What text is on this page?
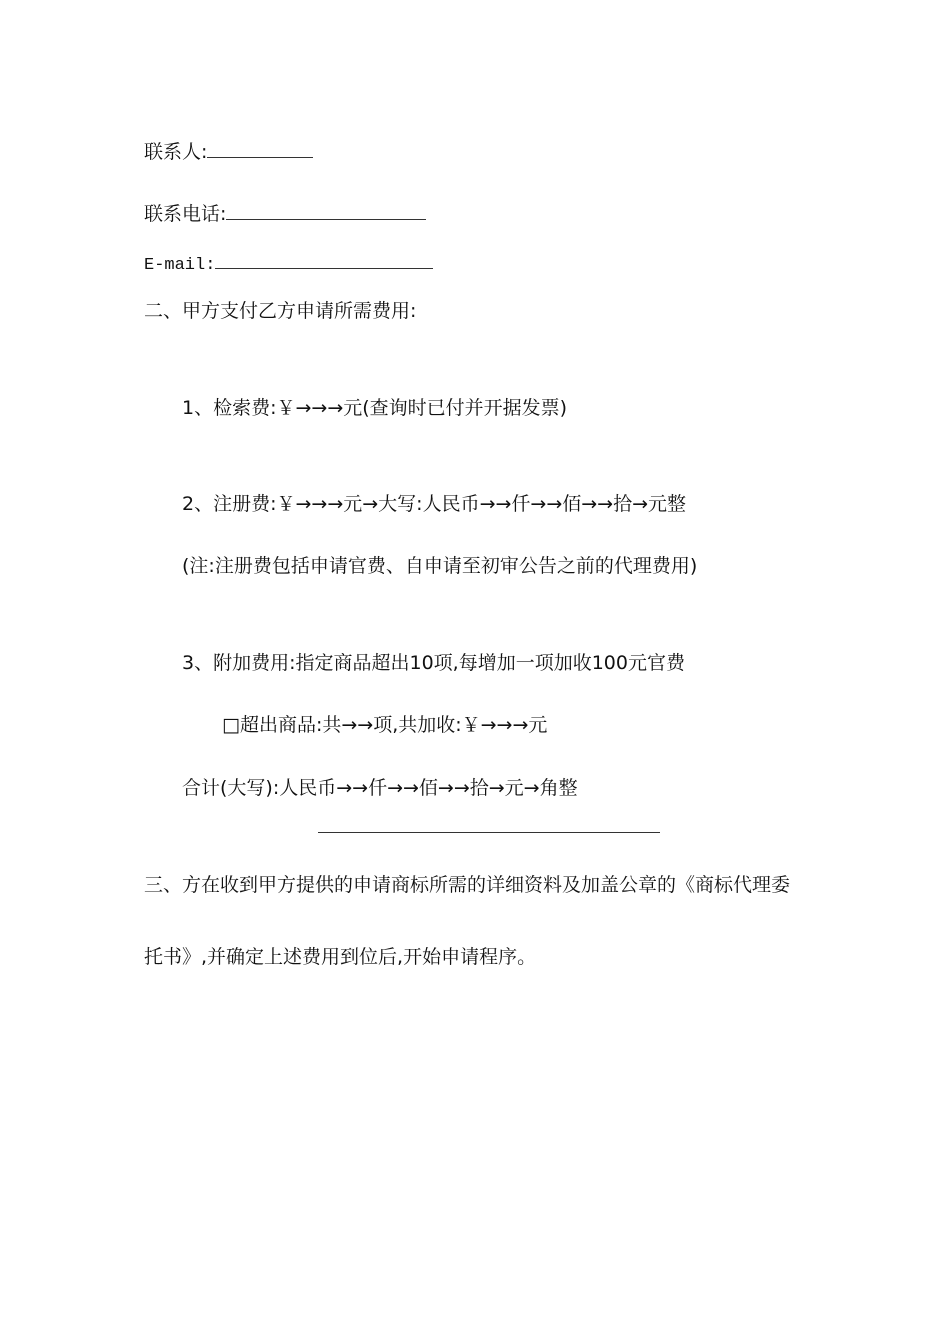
联系人:
联系电话:
E-mail:
二、甲方支付乙方申请所需费用:
1、检索费:￥→→→元(查询时已付并开据发票)
2、注册费:￥→→→元→大写:人民币→→仟→→佰→→拾→元整
(注:注册费包括申请官费、自申请至初审公告之前的代理费用)
3、附加费用:指定商品超出10项,每增加一项加收100元官费
□超出商品:共→→项,共加收:￥→→→元
合计(大写):人民币→→仟→→佰→→拾→元→角整
三、方在收到甲方提供的申请商标所需的详细资料及加盖公章的《商标代理委
托书》,并确定上述费用到位后,开始申请程序。
